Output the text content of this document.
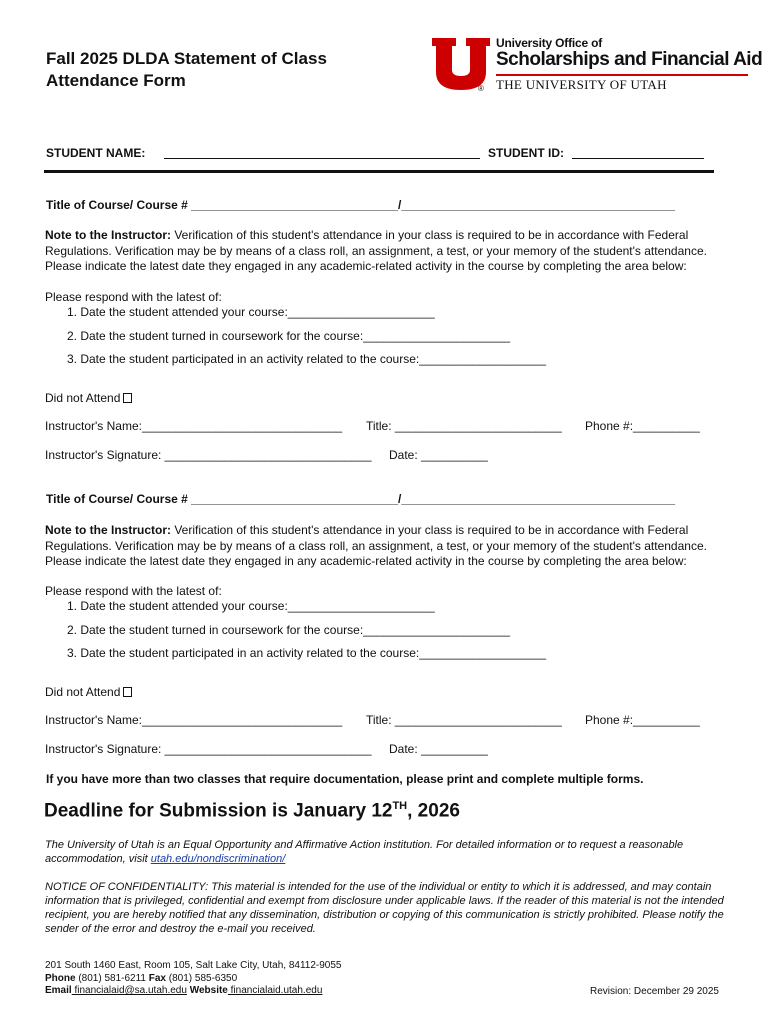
Fall 2025 DLDA Statement of Class
Attendance Form	®
University Office of
Scholarships and Financial Aid
THE UNIVERSITY OF UTAH
STUDENT NAME:	STUDENT ID:
Title of Course/ Course # _______________________________/_________________________________________
Note to the Instructor: Verification of this student's attendance in your class is required to be in accordance with Federal Regulations. Verification may be by means of a class roll, an assignment, a test, or your memory of the student's attendance. Please indicate the latest date they engaged in any academic-related activity in the course by completing the area below:
Please respond with the latest of:
1. Date the student attended your course:______________________
2. Date the student turned in coursework for the course:______________________
3. Date the student participated in an activity related to the course:___________________
Did not Attend
Instructor's Name:______________________________ Title: _________________________ Phone #:__________
Instructor's Signature: _______________________________ Date: __________
Title of Course/ Course # _______________________________/_________________________________________
Note to the Instructor: Verification of this student's attendance in your class is required to be in accordance with Federal Regulations. Verification may be by means of a class roll, an assignment, a test, or your memory of the student's attendance. Please indicate the latest date they engaged in any academic-related activity in the course by completing the area below:
Please respond with the latest of:
1. Date the student attended your course:______________________
2. Date the student turned in coursework for the course:______________________
3. Date the student participated in an activity related to the course:___________________
Did not Attend
Instructor's Name:______________________________ Title: _________________________ Phone #:__________
Instructor's Signature: _______________________________ Date: __________
If you have more than two classes that require documentation, please print and complete multiple forms.
Deadline for Submission is January 12TH, 2026
The University of Utah is an Equal Opportunity and Affirmative Action institution. For detailed information or to request a reasonable accommodation, visit utah.edu/nondiscrimination/
NOTICE OF CONFIDENTIALITY: This material is intended for the use of the individual or entity to which it is addressed, and may contain information that is privileged, confidential and exempt from disclosure under applicable laws. If the reader of this material is not the intended recipient, you are hereby notified that any dissemination, distribution or copying of this communication is strictly prohibited. Please notify the sender of the error and destroy the e-mail you received.
201 South 1460 East, Room 105, Salt Lake City, Utah, 84112-9055
Phone (801) 581-6211 Fax (801) 585-6350
Email financialaid@sa.utah.edu Website financialaid.utah.edu	Revision: December 29 2025
